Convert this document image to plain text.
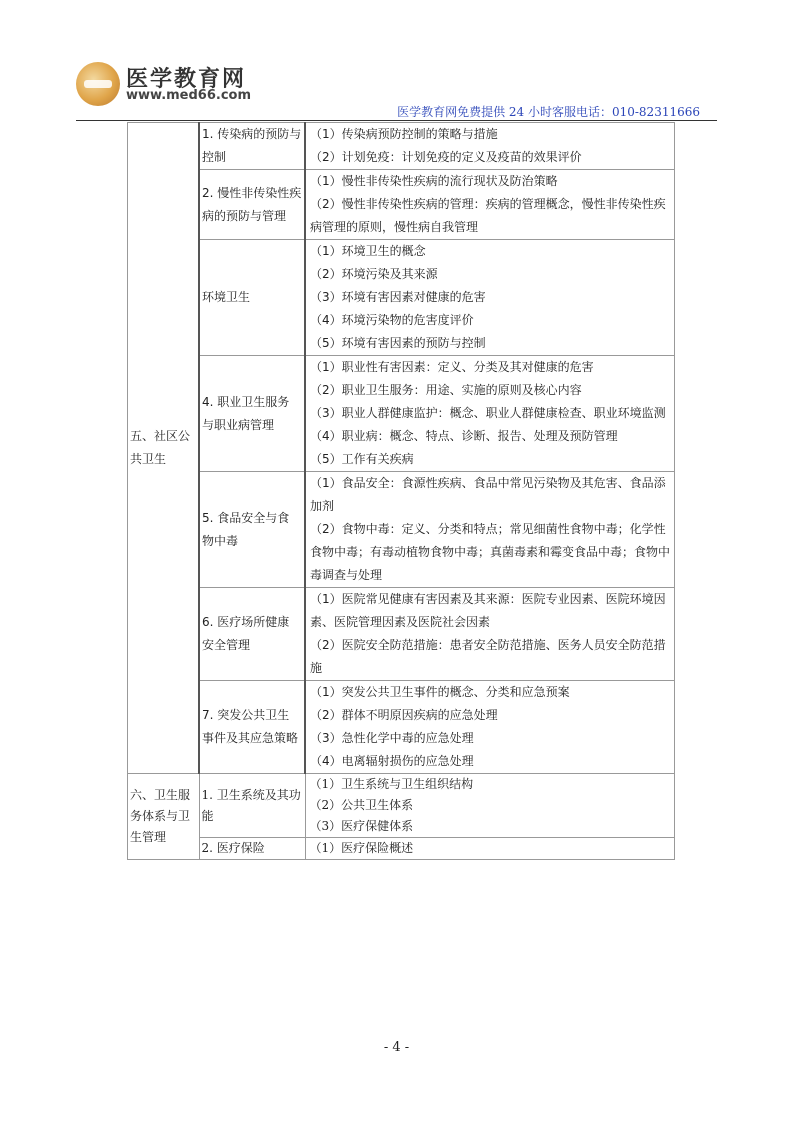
医学教育网
www.med66.com
医学教育网免费提供 24 小时客服电话：010-82311666
五、社区公共卫生	1. 传染病的预防与控制	（1）传染病预防控制的策略与措施
（2）计划免疫：计划免疫的定义及疫苗的效果评价

	2. 慢性非传染性疾病的预防与管理	（1）慢性非传染性疾病的流行现状及防治策略
（2）慢性非传染性疾病的管理：疾病的管理概念，慢性非传染性疾病管理的原则，慢性病自我管理

	环境卫生	（1）环境卫生的概念
（2）环境污染及其来源
（3）环境有害因素对健康的危害
（4）环境污染物的危害度评价
（5）环境有害因素的预防与控制

	4. 职业卫生服务 与职业病管理	（1）职业性有害因素：定义、分类及其对健康的危害
（2）职业卫生服务：用途、实施的原则及核心内容
（3）职业人群健康监护：概念、职业人群健康检查、职业环境监测
（4）职业病：概念、特点、诊断、报告、处理及预防管理
（5）工作有关疾病

	5. 食品安全与食 物中毒	（1）食品安全：食源性疾病、食品中常见污染物及其危害、食品添加剂
（2）食物中毒：定义、分类和特点；常见细菌性食物中毒；化学性食物中毒；有毒动植物食物中毒；真菌毒素和霉变食品中毒；食物中毒调查与处理

	6. 医疗场所健康 安全管理	（1）医院常见健康有害因素及其来源：医院专业因素、医院环境因素、医院管理因素及医院社会因素
（2）医院安全防范措施：患者安全防范措施、医务人员安全防范措施

	7. 突发公共卫生 事件及其应急策略	（1）突发公共卫生事件的概念、分类和应急预案
（2）群体不明原因疾病的应急处理
（3）急性化学中毒的应急处理
（4）电离辐射损伤的应急处理

六、卫生服务体系与卫生管理	1. 卫生系统及其功能	（1）卫生系统与卫生组织结构
（2）公共卫生体系
（3）医疗保健体系

	2. 医疗保险	（1）医疗保险概述
- 4 -
